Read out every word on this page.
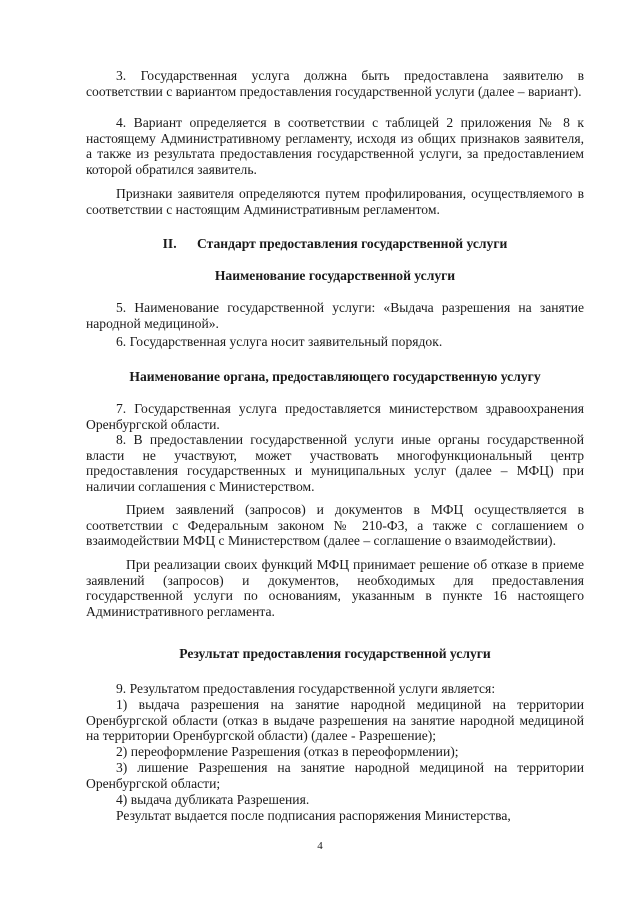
3. Государственная услуга должна быть предоставлена заявителю в соответствии с вариантом предоставления государственной услуги (далее – вариант).

4. Вариант определяется в соответствии с таблицей 2 приложения № 8 к настоящему Административному регламенту, исходя из общих признаков заявителя, а также из результата предоставления государственной услуги, за предоставлением которой обратился заявитель.

Признаки заявителя определяются путем профилирования, осуществляемого в соответствии с настоящим Административным регламентом.

II. Стандарт предоставления государственной услуги
Наименование государственной услуги

5. Наименование государственной услуги: «Выдача разрешения на занятие народной медициной».

6. Государственная услуга носит заявительный порядок.

Наименование органа, предоставляющего государственную услугу

7. Государственная услуга предоставляется министерством здравоохранения Оренбургской области.

8. В предоставлении государственной услуги иные органы государственной власти не участвуют, может участвовать многофункциональный центр предоставления государственных и муниципальных услуг (далее – МФЦ) при наличии соглашения с Министерством.

Прием заявлений (запросов) и документов в МФЦ осуществляется в соответствии с Федеральным законом № 210-ФЗ, а также с соглашением о взаимодействии МФЦ с Министерством (далее – соглашение о взаимодействии).

При реализации своих функций МФЦ принимает решение об отказе в приеме заявлений (запросов) и документов, необходимых для предоставления государственной услуги по основаниям, указанным в пункте 16 настоящего Административного регламента.

Результат предоставления государственной услуги

9. Результатом предоставления государственной услуги является:

1) выдача разрешения на занятие народной медициной на территории Оренбургской области (отказ в выдаче разрешения на занятие народной медициной на территории Оренбургской области) (далее - Разрешение);

2) переоформление Разрешения (отказ в переоформлении);

3) лишение Разрешения на занятие народной медициной на территории Оренбургской области;

4) выдача дубликата Разрешения.

Результат выдается после подписания распоряжения Министерства,

4
